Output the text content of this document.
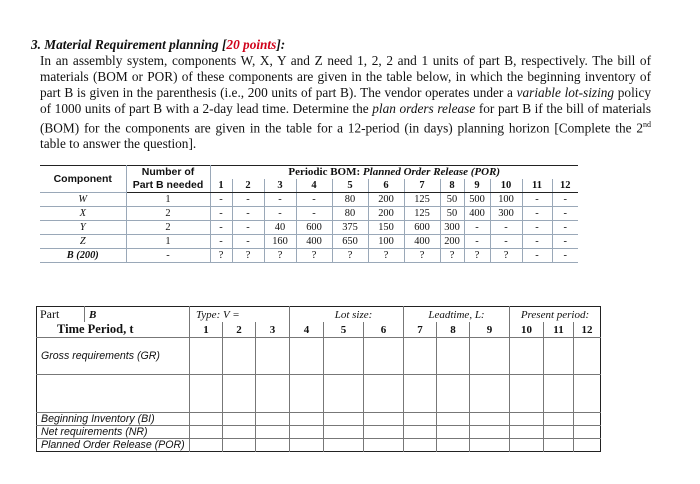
3. Material Requirement planning [20 points]:
In an assembly system, components W, X, Y and Z need 1, 2, 2 and 1 units of part B, respectively. The bill of materials (BOM or POR) of these components are given in the table below, in which the beginning inventory of part B is given in the parenthesis (i.e., 200 units of part B). The vendor operates under a variable lot-sizing policy of 1000 units of part B with a 2-day lead time. Determine the plan orders release for part B if the bill of materials (BOM) for the components are given in the table for a 12-period (in days) planning horizon [Complete the 2nd table to answer the question].
Component	Number of	Periodic BOM: Planned Order Release (POR)											
	Part B needed	1	2	3	4	5	6	7	8	9	10	11	12
W	1	-	-	-	-	80	200	125	50	500	100	-	-
X	2	-	-	-	-	80	200	125	50	400	300	-	-
Y	2	-	-	40	600	375	150	600	300	-	-	-	-
Z	1	-	-	160	400	650	100	400	200	-	-	-	-
B (200)	-	?	?	?	?	?	?	?	?	?	?	-	-
Part	B	Type: V =			Lot size:			Leadtime, L:			Present period:		
Time Period, t		1	2	3	4	5	6	7	8	9	10	11	12
Gross requirements (GR)													

Beginning Inventory (BI)													
Net requirements (NR)													
Planned Order Release (POR)													
